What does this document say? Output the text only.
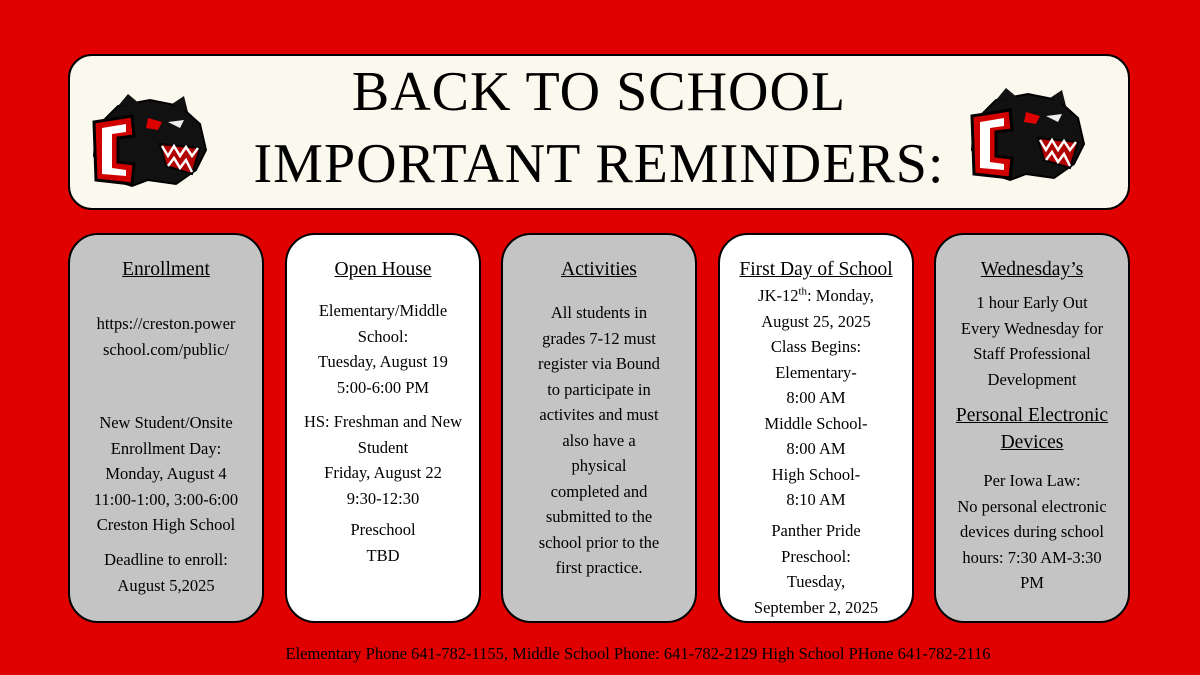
BACK TO SCHOOL
IMPORTANT REMINDERS:
Enrollment
https://creston.power
school.com/public/
New Student/Onsite
Enrollment Day:
Monday, August 4
11:00-1:00, 3:00-6:00
Creston High School
Deadline to enroll:
August 5,2025
Open House
Elementary/Middle
School:
Tuesday, August 19
5:00-6:00 PM
HS: Freshman and New
Student
Friday, August 22
9:30-12:30
Preschool
TBD
Activities
All students in
grades 7-12 must
register via Bound
to participate in
activites and must
also have a
physical
completed and
submitted to the
school prior to the
first practice.
First Day of School
JK-12th: Monday,
August 25, 2025
Class Begins:
Elementary-
8:00 AM
Middle School-
8:00 AM
High School-
8:10 AM
Panther Pride
Preschool:
Tuesday,
September 2, 2025
Wednesday’s
1 hour Early Out
Every Wednesday for
Staff Professional
Development
Personal Electronic
Devices
Per Iowa Law:
No personal electronic
devices during school
hours: 7:30 AM-3:30
PM
Elementary Phone 641-782-1155, Middle School Phone: 641-782-2129 High School PHone 641-782-2116
